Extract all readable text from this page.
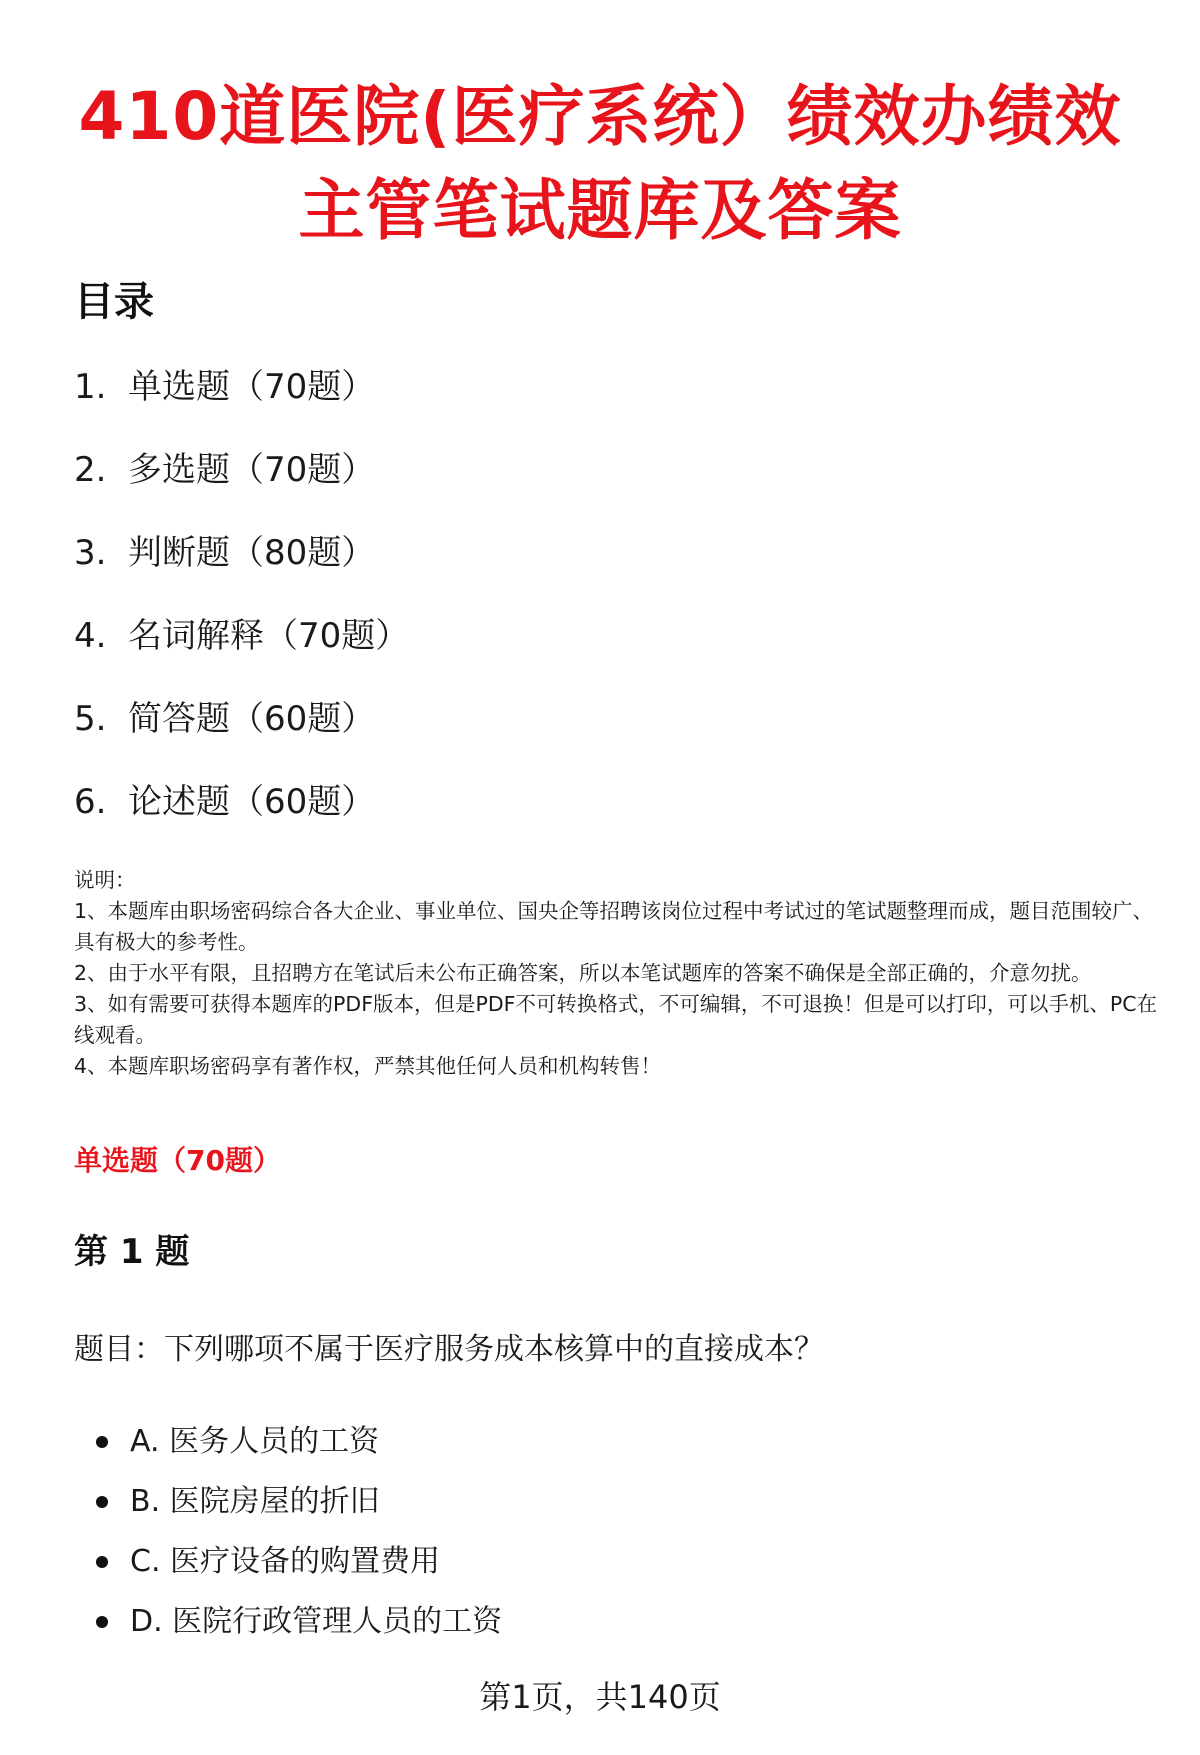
410道医院(医疗系统）绩效办绩效
主管笔试题库及答案
目录
1. 单选题（70题）
2. 多选题（70题）
3. 判断题（80题）
4. 名词解释（70题）
5. 简答题（60题）
6. 论述题（60题）

说明：

1、本题库由职场密码综合各大企业、事业单位、国央企等招聘该岗位过程中考试过的笔试题整理而成，题目范围较广、具有极大的参考性。

2、由于水平有限，且招聘方在笔试后未公布正确答案，所以本笔试题库的答案不确保是全部正确的，介意勿扰。

3、如有需要可获得本题库的PDF版本，但是PDF不可转换格式，不可编辑，不可退换！但是可以打印，可以手机、PC在线观看。

4、本题库职场密码享有著作权，严禁其他任何人员和机构转售！

单选题（70题）
第 1 题

题目：下列哪项不属于医疗服务成本核算中的直接成本？

A. 医务人员的工资
B. 医院房屋的折旧
C. 医疗设备的购置费用
D. 医院行政管理人员的工资
第1页，共140页
